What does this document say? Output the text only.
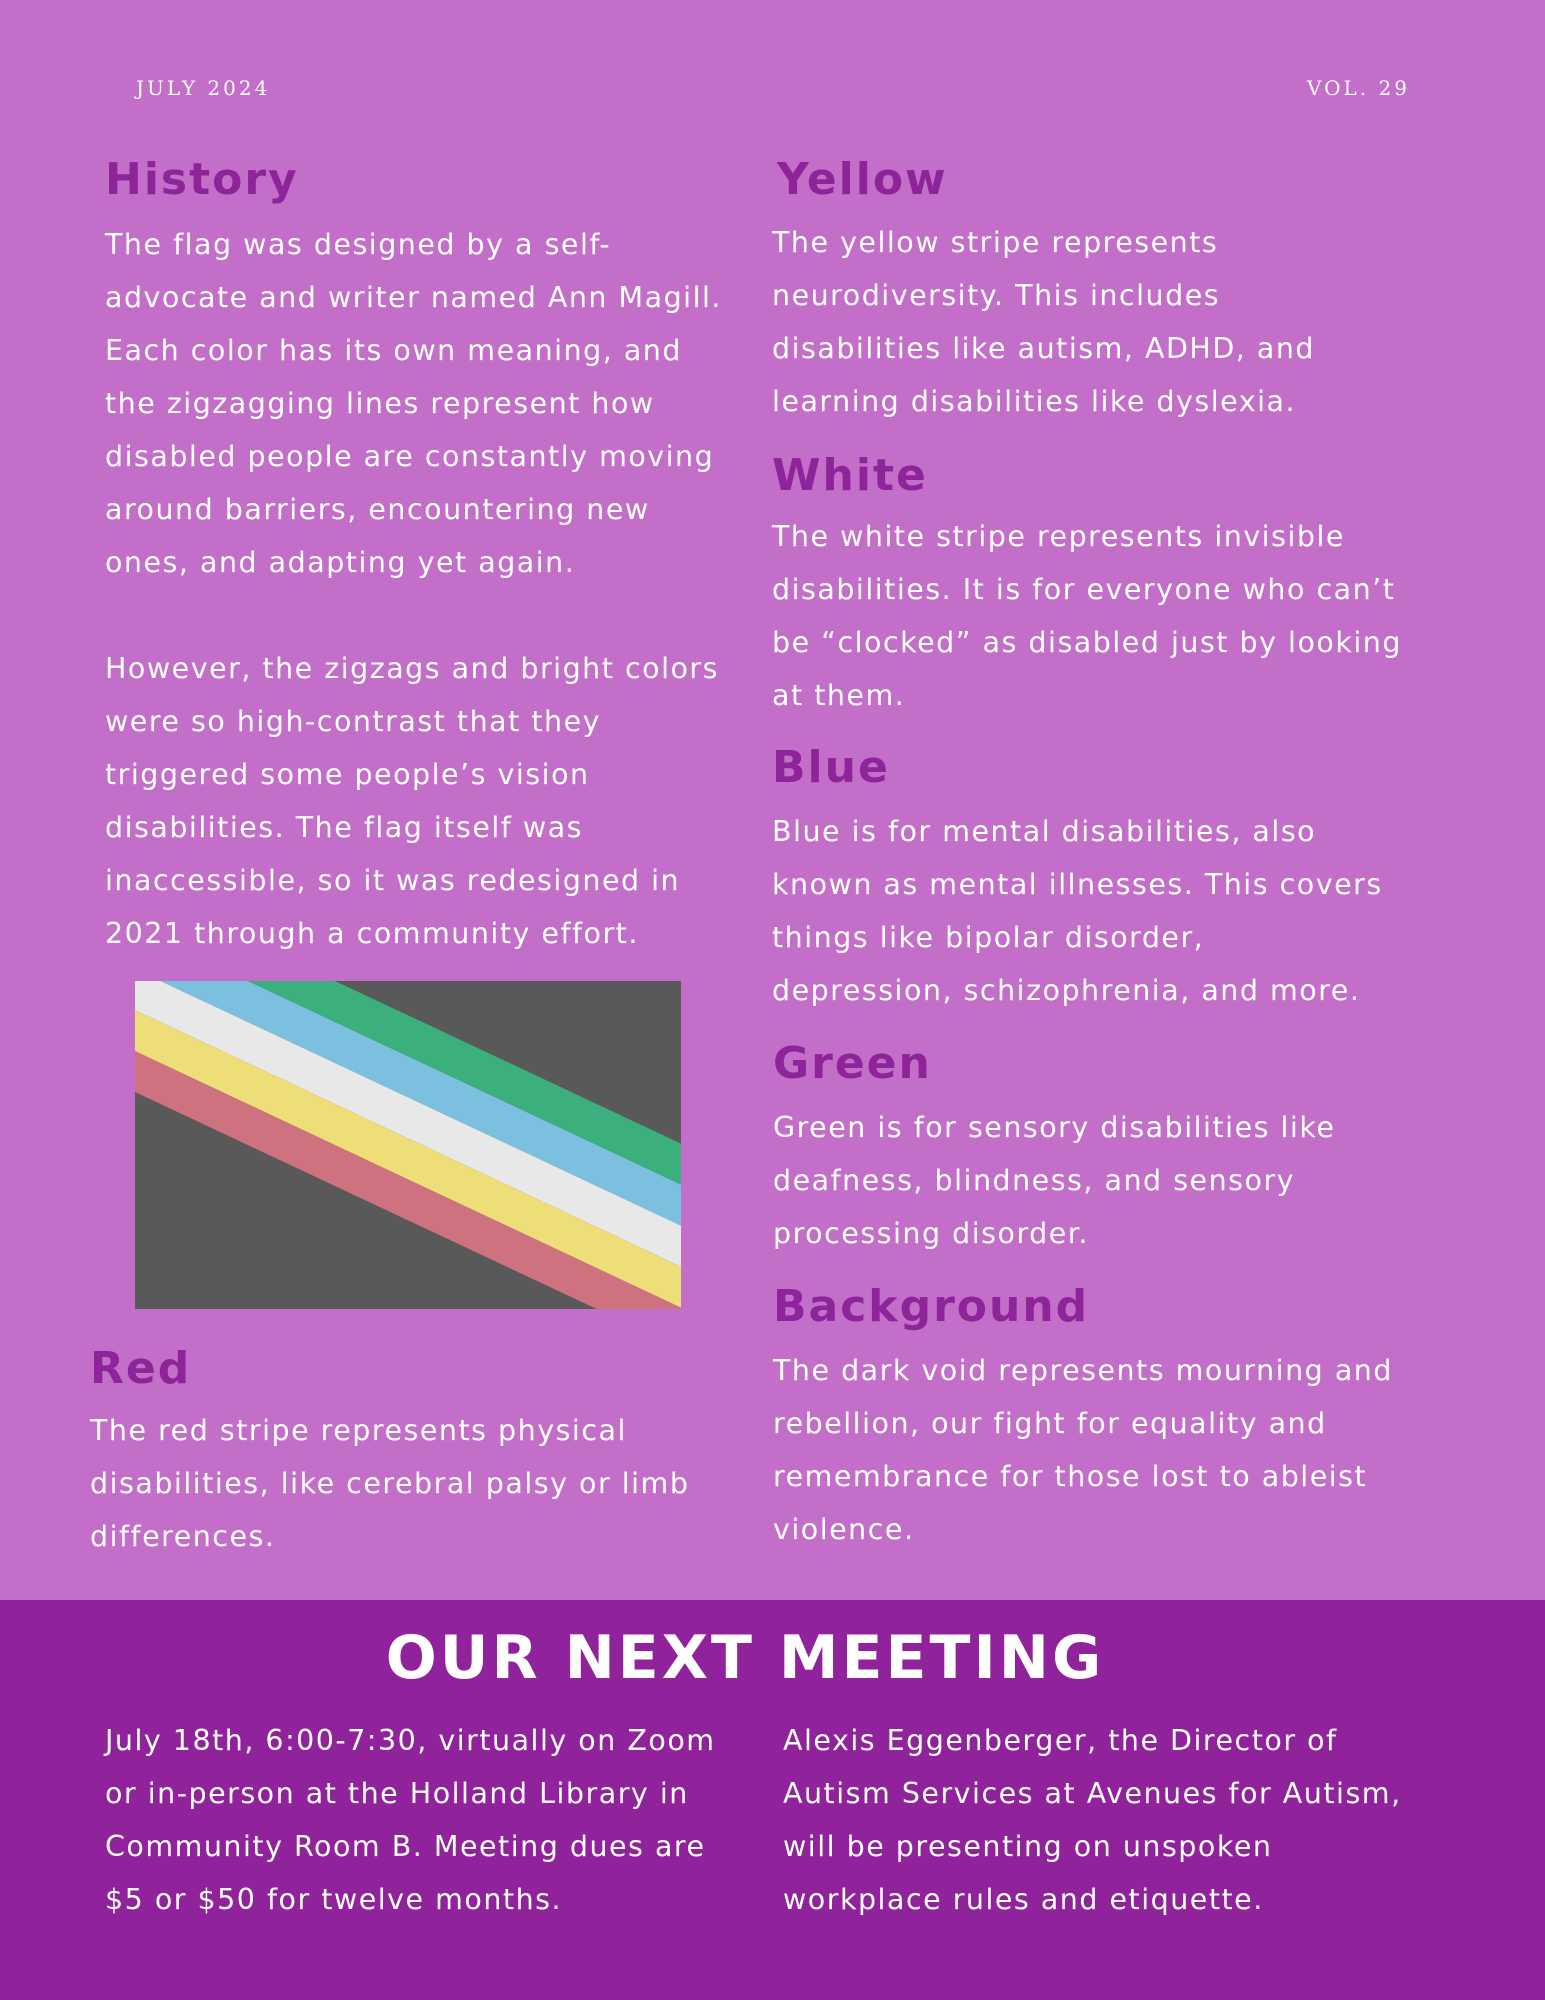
JULY 2024	VOL. 29
History

The flag was designed by a self-
advocate and writer named Ann Magill.
Each color has its own meaning, and
the zigzagging lines represent how
disabled people are constantly moving
around barriers, encountering new
ones, and adapting yet again.

However, the zigzags and bright colors
were so high-contrast that they
triggered some people’s vision
disabilities. The flag itself was
inaccessible, so it was redesigned in
2021 through a community effort.

Red

The red stripe represents physical
disabilities, like cerebral palsy or limb
differences.

Yellow

The yellow stripe represents
neurodiversity. This includes
disabilities like autism, ADHD, and
learning disabilities like dyslexia.

White

The white stripe represents invisible
disabilities. It is for everyone who can’t
be “clocked” as disabled just by looking
at them.

Blue

Blue is for mental disabilities, also
known as mental illnesses. This covers
things like bipolar disorder,
depression, schizophrenia, and more.

Green

Green is for sensory disabilities like
deafness, blindness, and sensory
processing disorder.

Background

The dark void represents mourning and
rebellion, our fight for equality and
remembrance for those lost to ableist
violence.

OUR NEXT MEETING

July 18th, 6:00-7:30, virtually on Zoom
or in-person at the Holland Library in
Community Room B. Meeting dues are
$5 or $50 for twelve months.

Alexis Eggenberger, the Director of
Autism Services at Avenues for Autism,
will be presenting on unspoken
workplace rules and etiquette.
